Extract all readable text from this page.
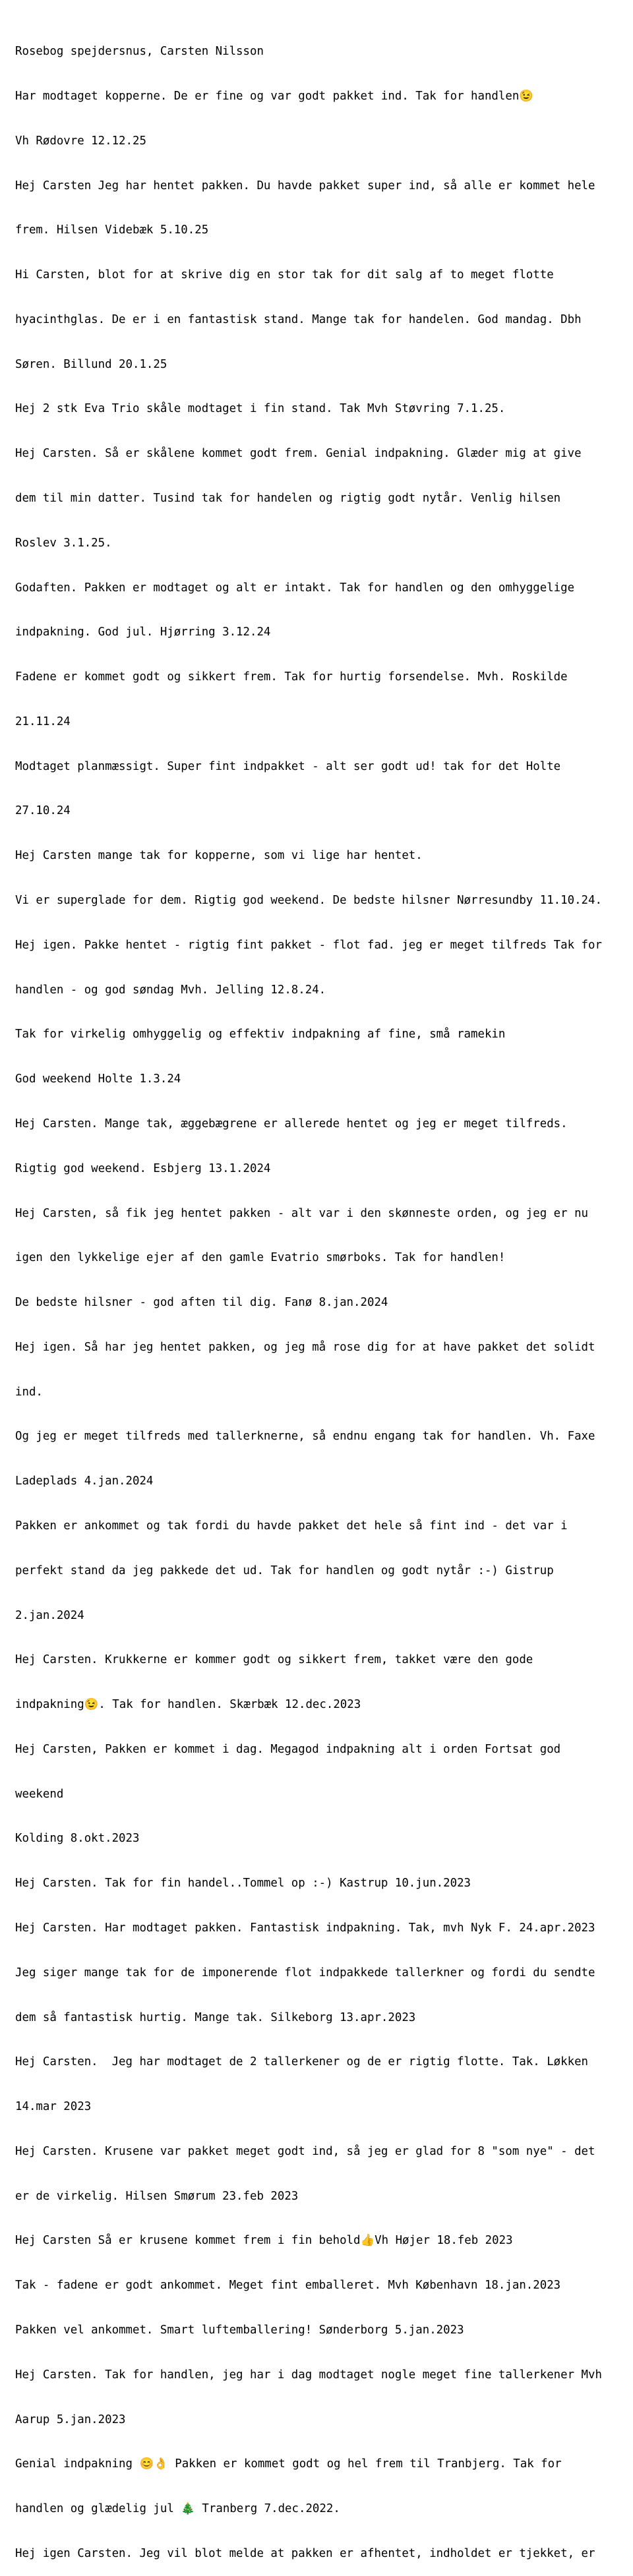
Rosebog spejdersnus, Carsten Nilsson

Har modtaget kopperne. De er fine og var godt pakket ind. Tak for handlen😉

Vh Rødovre 12.12.25

Hej Carsten Jeg har hentet pakken. Du havde pakket super ind, så alle er kommet hele

frem. Hilsen Videbæk 5.10.25

Hi Carsten, blot for at skrive dig en stor tak for dit salg af to meget flotte

hyacinthglas. De er i en fantastisk stand. Mange tak for handelen. God mandag. Dbh

Søren. Billund 20.1.25

Hej 2 stk Eva Trio skåle modtaget i fin stand. Tak Mvh Støvring 7.1.25.

Hej Carsten. Så er skålene kommet godt frem. Genial indpakning. Glæder mig at give

dem til min datter. Tusind tak for handelen og rigtig godt nytår. Venlig hilsen

Roslev 3.1.25.

Godaften. Pakken er modtaget og alt er intakt. Tak for handlen og den omhyggelige

indpakning. God jul. Hjørring 3.12.24

Fadene er kommet godt og sikkert frem. Tak for hurtig forsendelse. Mvh. Roskilde

21.11.24

Modtaget planmæssigt. Super fint indpakket - alt ser godt ud! tak for det Holte

27.10.24

Hej Carsten mange tak for kopperne, som vi lige har hentet.

Vi er superglade for dem. Rigtig god weekend. De bedste hilsner Nørresundby 11.10.24.

Hej igen. Pakke hentet - rigtig fint pakket - flot fad. jeg er meget tilfreds Tak for

handlen - og god søndag Mvh. Jelling 12.8.24.

Tak for virkelig omhyggelig og effektiv indpakning af fine, små ramekin

God weekend Holte 1.3.24

Hej Carsten. Mange tak, æggebægrene er allerede hentet og jeg er meget tilfreds.

Rigtig god weekend. Esbjerg 13.1.2024

Hej Carsten, så fik jeg hentet pakken - alt var i den skønneste orden, og jeg er nu

igen den lykkelige ejer af den gamle Evatrio smørboks. Tak for handlen!

De bedste hilsner - god aften til dig. Fanø 8.jan.2024

Hej igen. Så har jeg hentet pakken, og jeg må rose dig for at have pakket det solidt

ind.

Og jeg er meget tilfreds med tallerknerne, så endnu engang tak for handlen. Vh. Faxe

Ladeplads 4.jan.2024

Pakken er ankommet og tak fordi du havde pakket det hele så fint ind - det var i

perfekt stand da jeg pakkede det ud. Tak for handlen og godt nytår :-) Gistrup

2.jan.2024

Hej Carsten. Krukkerne er kommer godt og sikkert frem, takket være den gode

indpakning😉. Tak for handlen. Skærbæk 12.dec.2023

Hej Carsten, Pakken er kommet i dag. Megagod indpakning alt i orden Fortsat god

weekend

Kolding 8.okt.2023

Hej Carsten. Tak for fin handel..Tommel op :-) Kastrup 10.jun.2023

Hej Carsten. Har modtaget pakken. Fantastisk indpakning. Tak, mvh Nyk F. 24.apr.2023

Jeg siger mange tak for de imponerende flot indpakkede tallerkner og fordi du sendte

dem så fantastisk hurtig. Mange tak. Silkeborg 13.apr.2023

Hej Carsten.  Jeg har modtaget de 2 tallerkener og de er rigtig flotte. Tak. Løkken

14.mar 2023

Hej Carsten. Krusene var pakket meget godt ind, så jeg er glad for 8 "som nye" - det

er de virkelig. Hilsen Smørum 23.feb 2023

Hej Carsten Så er krusene kommet frem i fin behold👍Vh Højer 18.feb 2023

Tak - fadene er godt ankommet. Meget fint emballeret. Mvh København 18.jan.2023

Pakken vel ankommet. Smart luftemballering! Sønderborg 5.jan.2023

Hej Carsten. Tak for handlen, jeg har i dag modtaget nogle meget fine tallerkener Mvh

Aarup 5.jan.2023

Genial indpakning 😊👌 Pakken er kommet godt og hel frem til Tranbjerg. Tak for

handlen og glædelig jul 🎄 Tranberg 7.dec.2022.

Hej igen Carsten. Jeg vil blot melde at pakken er afhentet, indholdet er tjekket, er
